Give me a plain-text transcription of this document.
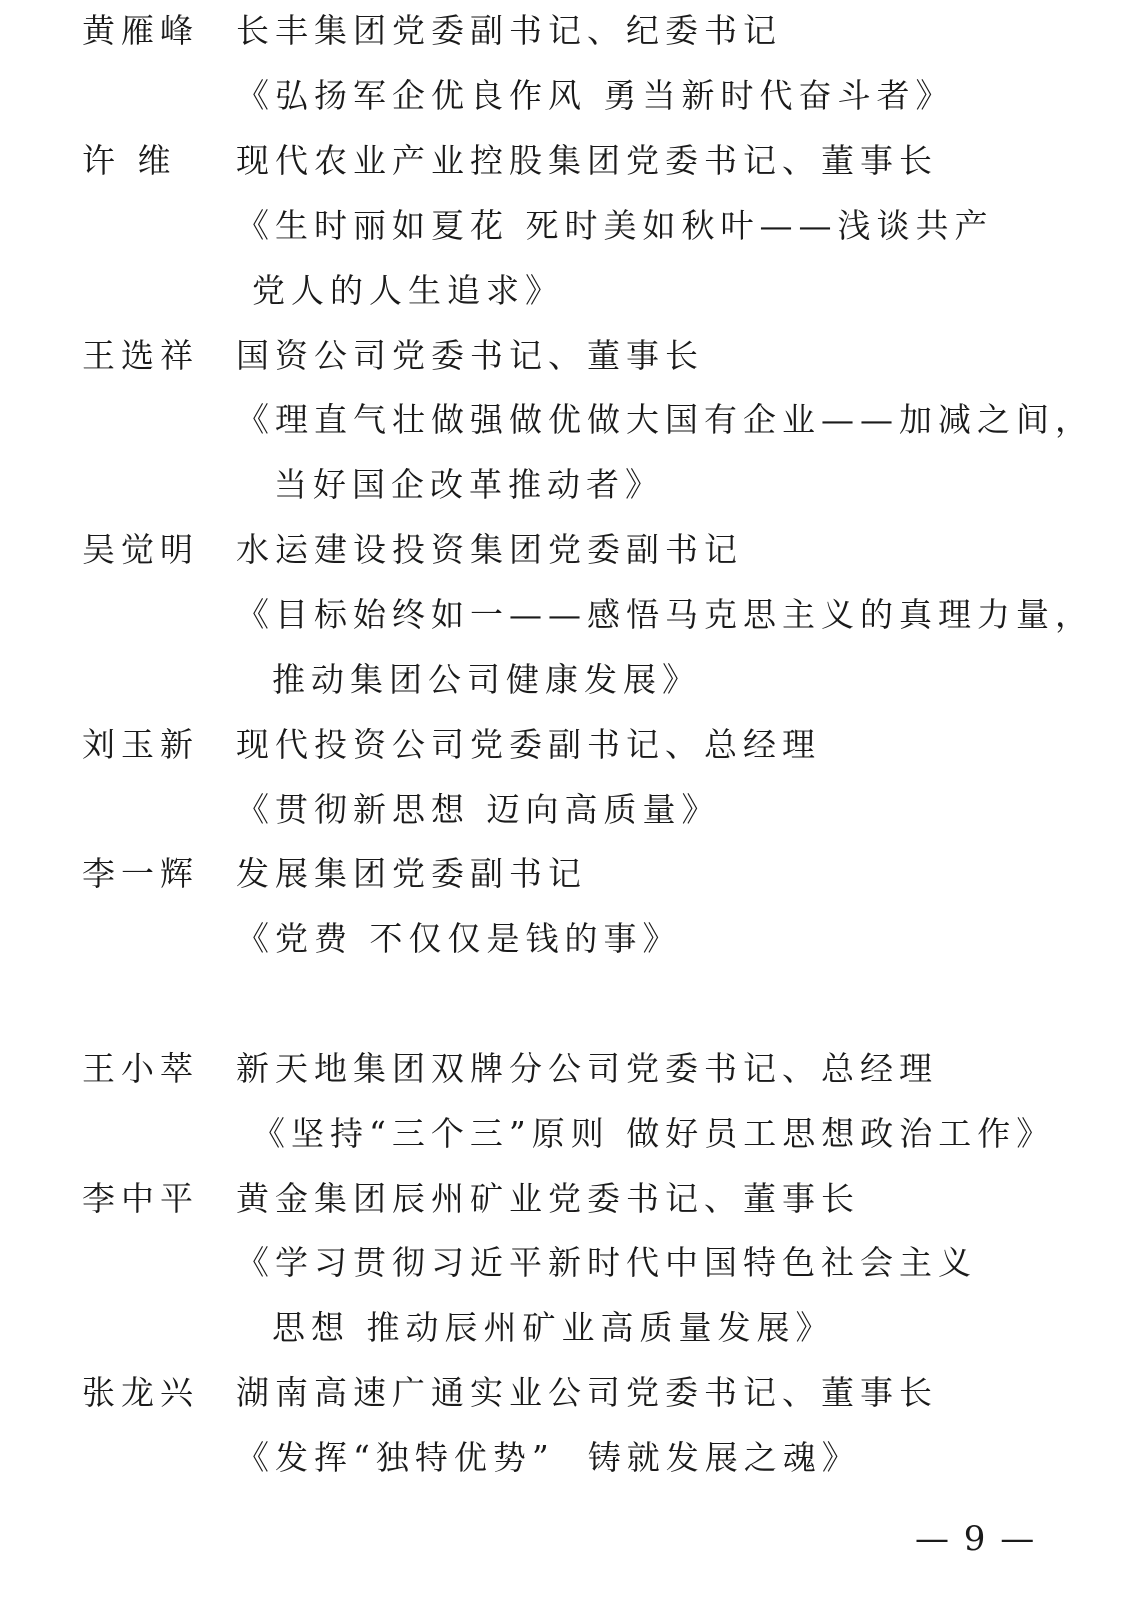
黄雁峰 长丰集团党委副书记、纪委书记
《弘扬军企优良作风 勇当新时代奋斗者》
许 维 现代农业产业控股集团党委书记、董事长
《生时丽如夏花 死时美如秋叶——浅谈共产
党人的人生追求》
王选祥 国资公司党委书记、董事长
《理直气壮做强做优做大国有企业——加减之间，
当好国企改革推动者》
吴觉明 水运建设投资集团党委副书记
《目标始终如一——感悟马克思主义的真理力量，
推动集团公司健康发展》
刘玉新 现代投资公司党委副书记、总经理
《贯彻新思想 迈向高质量》
李一辉 发展集团党委副书记
《党费 不仅仅是钱的事》
王小萃 新天地集团双牌分公司党委书记、总经理
《坚持“三个三”原则 做好员工思想政治工作》
李中平 黄金集团辰州矿业党委书记、董事长
《学习贯彻习近平新时代中国特色社会主义
思想 推动辰州矿业高质量发展》
张龙兴 湖南高速广通实业公司党委书记、董事长
《发挥“独特优势”  铸就发展之魂》
— 9 —
